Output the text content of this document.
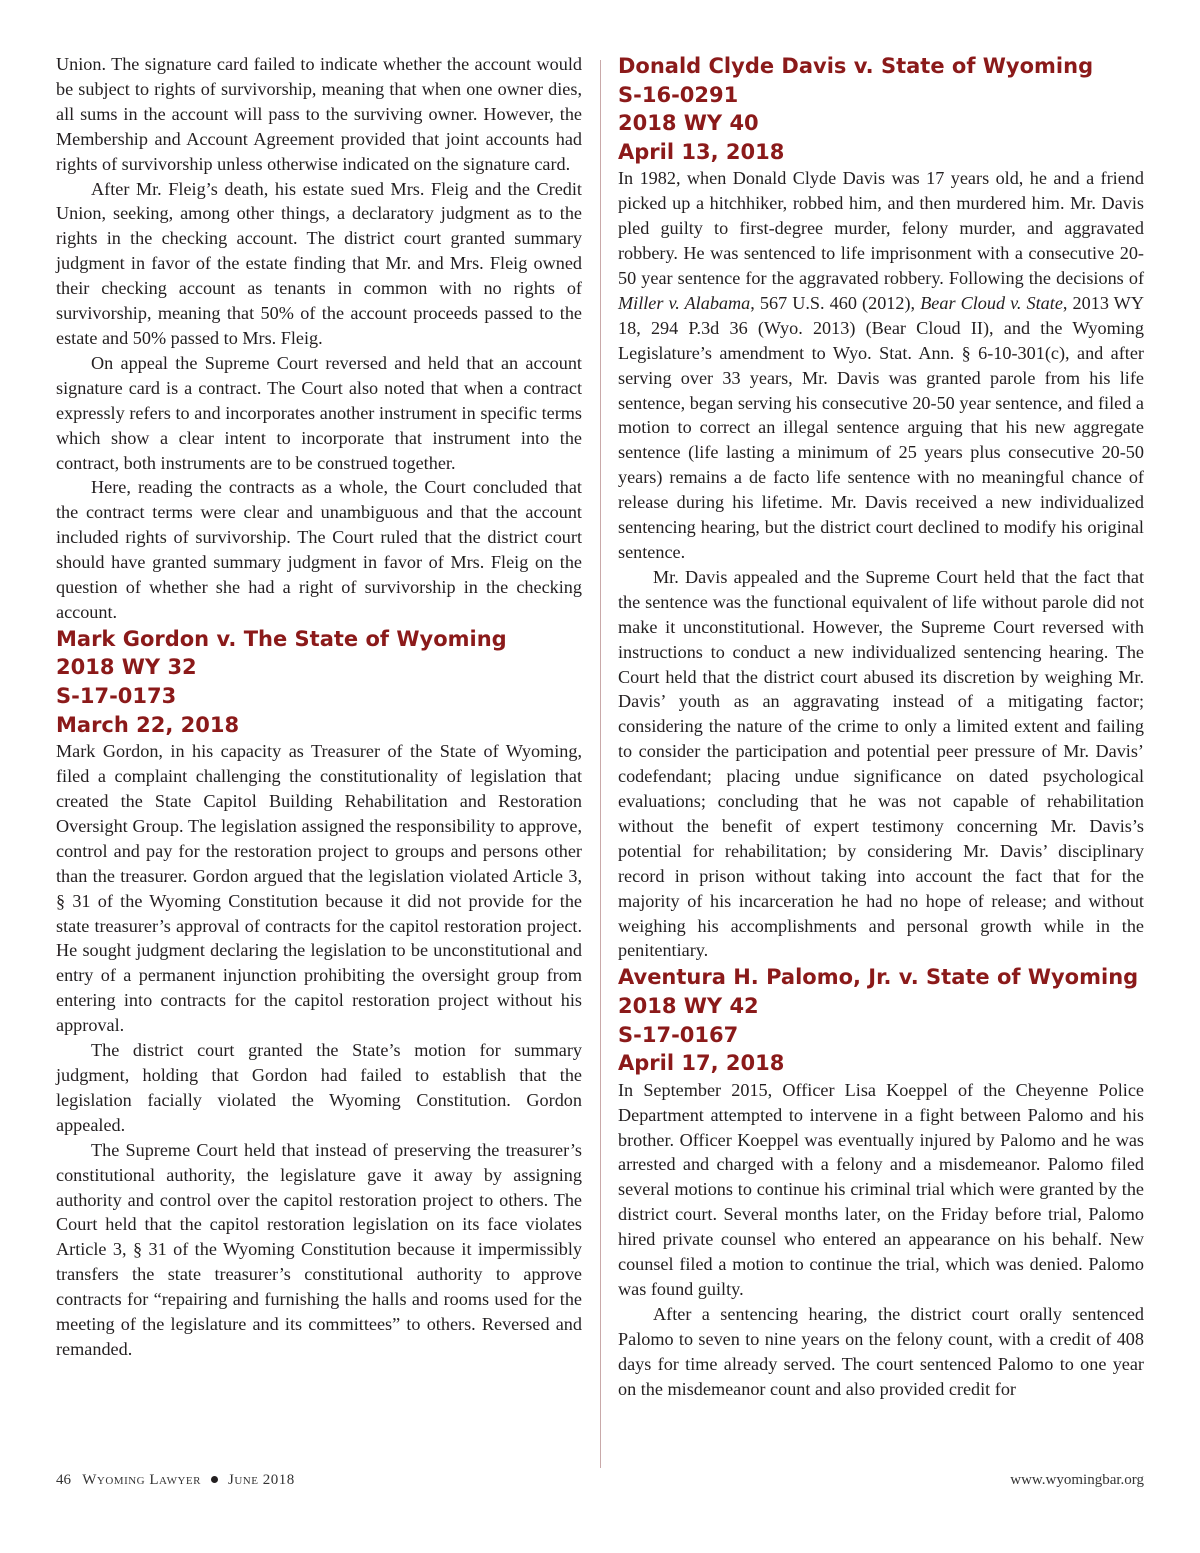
Union. The signature card failed to indicate whether the account would be subject to rights of survivorship, meaning that when one owner dies, all sums in the account will pass to the surviving owner. However, the Membership and Account Agreement provided that joint accounts had rights of survivorship unless otherwise indicated on the signature card.

After Mr. Fleig’s death, his estate sued Mrs. Fleig and the Credit Union, seeking, among other things, a declaratory judgment as to the rights in the checking account. The district court granted summary judgment in favor of the estate finding that Mr. and Mrs. Fleig owned their checking account as tenants in common with no rights of survivorship, meaning that 50% of the account proceeds passed to the estate and 50% passed to Mrs. Fleig.

On appeal the Supreme Court reversed and held that an account signature card is a contract. The Court also noted that when a contract expressly refers to and incorporates another instrument in specific terms which show a clear intent to incorporate that instrument into the contract, both instruments are to be construed together.

Here, reading the contracts as a whole, the Court concluded that the contract terms were clear and unambiguous and that the account included rights of survivorship. The Court ruled that the district court should have granted summary judgment in favor of Mrs. Fleig on the question of whether she had a right of survivorship in the checking account.

Mark Gordon v. The State of Wyoming
2018 WY 32
S-17-0173
March 22, 2018

Mark Gordon, in his capacity as Treasurer of the State of Wyoming, filed a complaint challenging the constitutionality of legislation that created the State Capitol Building Rehabilitation and Restoration Oversight Group. The legislation assigned the responsibility to approve, control and pay for the restoration project to groups and persons other than the treasurer. Gordon argued that the legislation violated Article 3, § 31 of the Wyoming Constitution because it did not provide for the state treasurer’s approval of contracts for the capitol restoration project. He sought judgment declaring the legislation to be unconstitutional and entry of a permanent injunction prohibiting the oversight group from entering into contracts for the capitol restoration project without his approval.

The district court granted the State’s motion for summary judgment, holding that Gordon had failed to establish that the legislation facially violated the Wyoming Constitution. Gordon appealed.

The Supreme Court held that instead of preserving the treasurer’s constitutional authority, the legislature gave it away by assigning authority and control over the capitol restoration project to others. The Court held that the capitol restoration legislation on its face violates Article 3, § 31 of the Wyoming Constitution because it impermissibly transfers the state treasurer’s constitutional authority to approve contracts for “repairing and furnishing the halls and rooms used for the meeting of the legislature and its committees” to others. Reversed and remanded.

Donald Clyde Davis v. State of Wyoming
S-16-0291
2018 WY 40
April 13, 2018

In 1982, when Donald Clyde Davis was 17 years old, he and a friend picked up a hitchhiker, robbed him, and then murdered him. Mr. Davis pled guilty to first-degree murder, felony murder, and aggravated robbery. He was sentenced to life imprisonment with a consecutive 20-50 year sentence for the aggravated robbery. Following the decisions of Miller v. Alabama, 567 U.S. 460 (2012), Bear Cloud v. State, 2013 WY 18, 294 P.3d 36 (Wyo. 2013) (Bear Cloud II), and the Wyoming Legislature’s amendment to Wyo. Stat. Ann. § 6-10-301(c), and after serving over 33 years, Mr. Davis was granted parole from his life sentence, began serving his consecutive 20-50 year sentence, and filed a motion to correct an illegal sentence arguing that his new aggregate sentence (life lasting a minimum of 25 years plus consecutive 20-50 years) remains a de facto life sentence with no meaningful chance of release during his lifetime. Mr. Davis received a new individualized sentencing hearing, but the district court declined to modify his original sentence.

Mr. Davis appealed and the Supreme Court held that the fact that the sentence was the functional equivalent of life without parole did not make it unconstitutional. However, the Supreme Court reversed with instructions to conduct a new individualized sentencing hearing. The Court held that the district court abused its discretion by weighing Mr. Davis’ youth as an aggravating instead of a mitigating factor; considering the nature of the crime to only a limited extent and failing to consider the participation and potential peer pressure of Mr. Davis’ codefendant; placing undue significance on dated psychological evaluations; concluding that he was not capable of rehabilitation without the benefit of expert testimony concerning Mr. Davis’s potential for rehabilitation; by considering Mr. Davis’ disciplinary record in prison without taking into account the fact that for the majority of his incarceration he had no hope of release; and without weighing his accomplishments and personal growth while in the penitentiary.

Aventura H. Palomo, Jr. v. State of Wyoming
2018 WY 42
S-17-0167
April 17, 2018

In September 2015, Officer Lisa Koeppel of the Cheyenne Police Department attempted to intervene in a fight between Palomo and his brother. Officer Koeppel was eventually injured by Palomo and he was arrested and charged with a felony and a misdemeanor. Palomo filed several motions to continue his criminal trial which were granted by the district court. Several months later, on the Friday before trial, Palomo hired private counsel who entered an appearance on his behalf. New counsel filed a motion to continue the trial, which was denied. Palomo was found guilty.

After a sentencing hearing, the district court orally sentenced Palomo to seven to nine years on the felony count, with a credit of 408 days for time already served. The court sentenced Palomo to one year on the misdemeanor count and also provided credit for

46 Wyoming Lawyer June 2018	www.wyomingbar.org
